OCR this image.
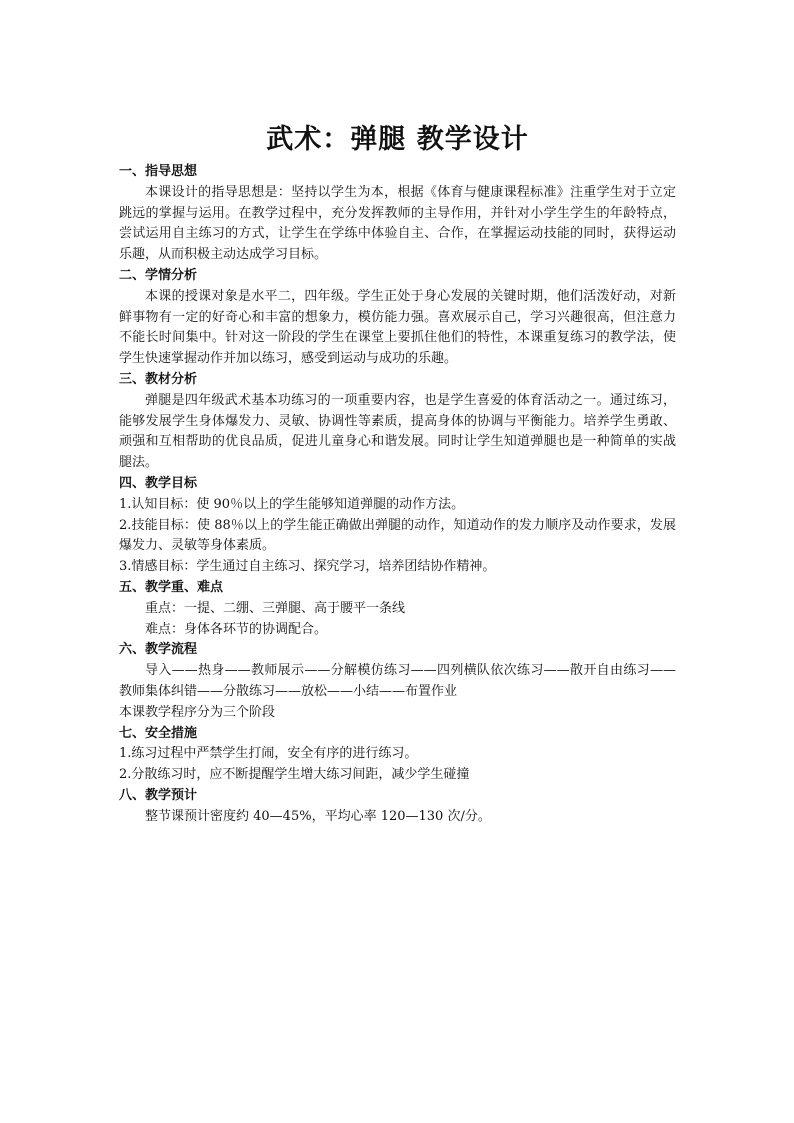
武术：弹腿 教学设计
一、指导思想

本课设计的指导思想是：坚持以学生为本，根据《体育与健康课程标准》注重学生对于立定跳远的掌握与运用。在教学过程中，充分发挥教师的主导作用，并针对小学生学生的年龄特点，尝试运用自主练习的方式，让学生在学练中体验自主、合作，在掌握运动技能的同时，获得运动乐趣，从而积极主动达成学习目标。

二、学情分析

本课的授课对象是水平二，四年级。学生正处于身心发展的关键时期，他们活泼好动，对新鲜事物有一定的好奇心和丰富的想象力，模仿能力强。喜欢展示自己，学习兴趣很高，但注意力不能长时间集中。针对这一阶段的学生在课堂上要抓住他们的特性，本课重复练习的教学法，使学生快速掌握动作并加以练习，感受到运动与成功的乐趣。

三、教材分析

弹腿是四年级武术基本功练习的一项重要内容，也是学生喜爱的体育活动之一。通过练习，能够发展学生身体爆发力、灵敏、协调性等素质，提高身体的协调与平衡能力。培养学生勇敢、顽强和互相帮助的优良品质，促进儿童身心和谐发展。同时让学生知道弹腿也是一种简单的实战腿法。

四、教学目标

1.认知目标：使 90％以上的学生能够知道弹腿的动作方法。

2.技能目标：使 88％以上的学生能正确做出弹腿的动作，知道动作的发力顺序及动作要求，发展爆发力、灵敏等身体素质。

3.情感目标：学生通过自主练习、探究学习，培养团结协作精神。

五、教学重、难点

重点：一提、二绷、三弹腿、高于腰平一条线

难点：身体各环节的协调配合。

六、教学流程

导入——热身——教师展示——分解模仿练习——四列横队依次练习——散开自由练习——教师集体纠错——分散练习——放松——小结——布置作业

本课教学程序分为三个阶段

七、安全措施

1.练习过程中严禁学生打闹，安全有序的进行练习。

2.分散练习时，应不断提醒学生增大练习间距，减少学生碰撞

八、教学预计

整节课预计密度约 40—45%，平均心率 120—130 次/分。
